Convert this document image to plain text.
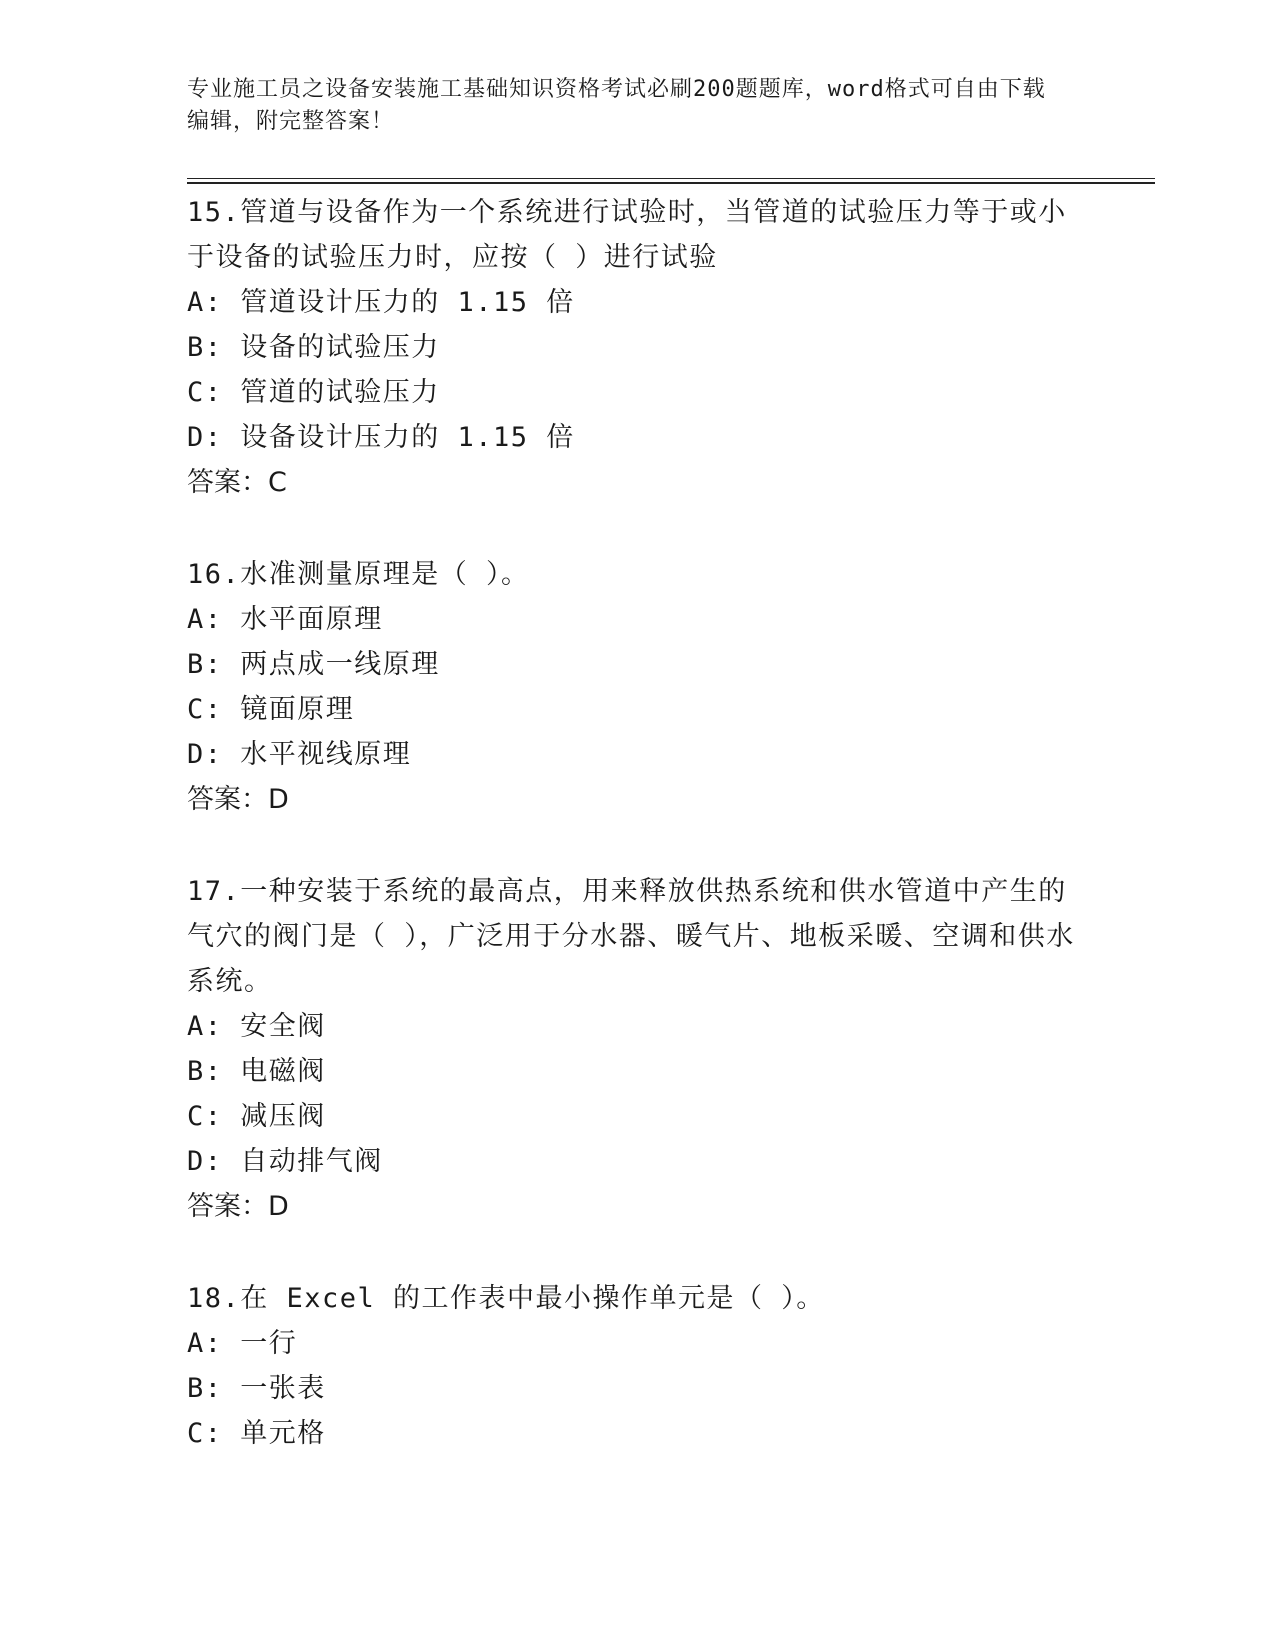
专业施工员之设备安装施工基础知识资格考试必刷200题题库，word格式可自由下载编辑，附完整答案！
15.管道与设备作为一个系统进行试验时，当管道的试验压力等于或小于设备的试验压力时，应按（ ）进行试验
A: 管道设计压力的 1.15 倍
B: 设备的试验压力
C: 管道的试验压力
D: 设备设计压力的 1.15 倍
答案：C
16.水准测量原理是（ ）。
A: 水平面原理
B: 两点成一线原理
C: 镜面原理
D: 水平视线原理
答案：D
17.一种安装于系统的最高点，用来释放供热系统和供水管道中产生的气穴的阀门是（ ），广泛用于分水器、暖气片、地板采暖、空调和供水系统。
A: 安全阀
B: 电磁阀
C: 减压阀
D: 自动排气阀
答案：D
18.在 Excel 的工作表中最小操作单元是（ ）。
A: 一行
B: 一张表
C: 单元格
